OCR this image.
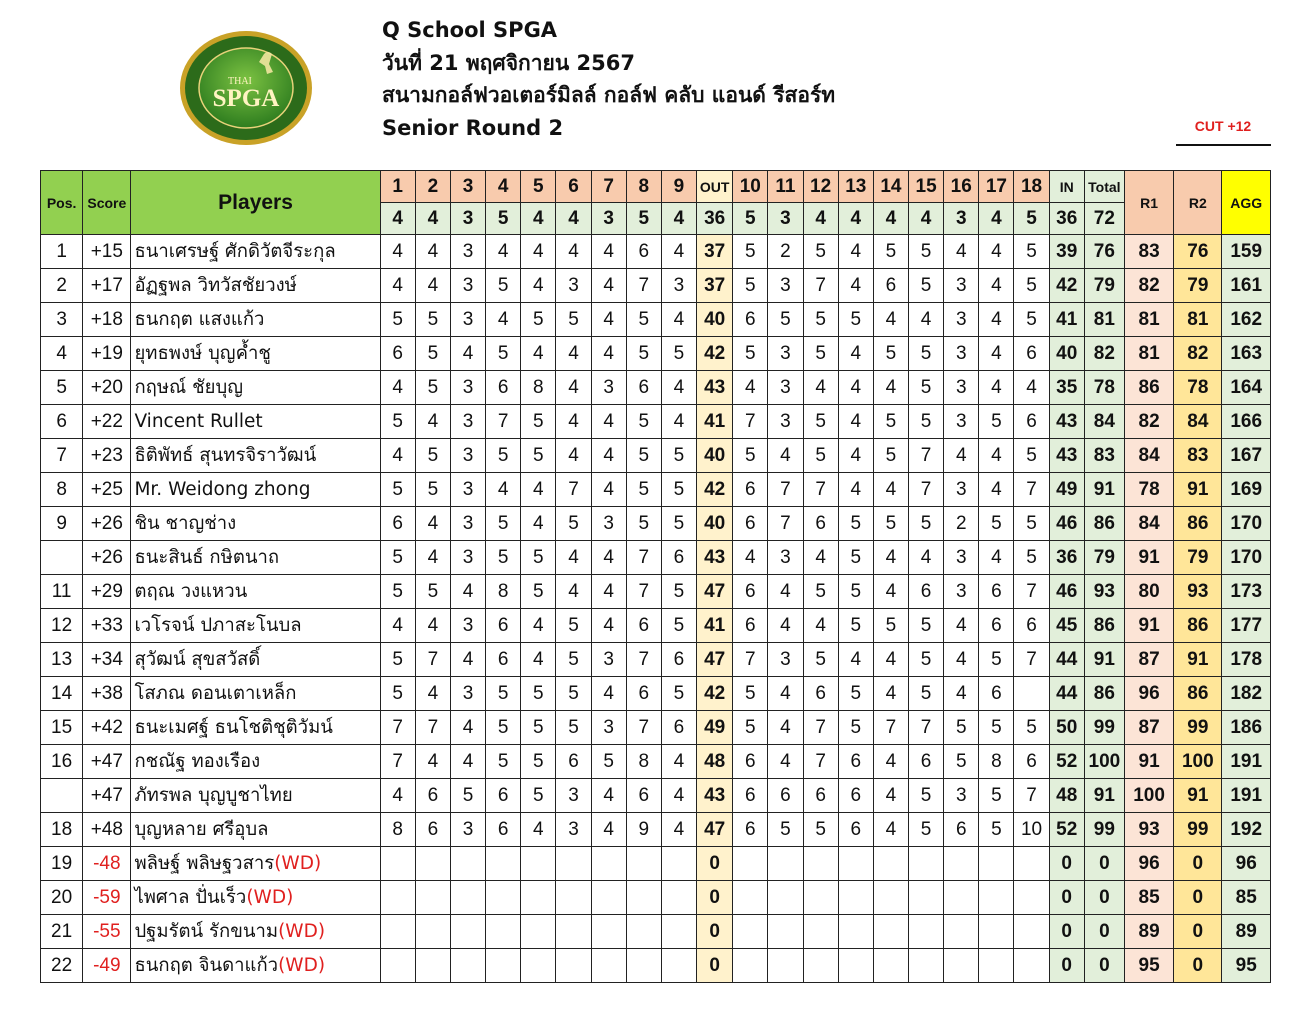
THAI
SPGA
Q School SPGA
วันที่ 21 พฤศจิกายน 2567
สนามกอล์ฟวอเตอร์มิลล์ กอล์ฟ คลับ แอนด์ รีสอร์ท
Senior Round 2	CUT +12
Pos.	Score	Players	1	2	3	4	5	6	7	8	9	OUT	10	11	12	13	14	15	16	17	18	IN	Total	R1	R2	AGG
			4	4	3	5	4	4	3	5	4	36	5	3	4	4	4	4	3	4	5	36	72			
1	+15	ธนาเศรษฐ์ ศักดิวัตจีระกุล	4	4	3	4	4	4	4	6	4	37	5	2	5	4	5	5	4	4	5	39	76	83	76	159
2	+17	อัฏฐพล วิทวัสชัยวงษ์	4	4	3	5	4	3	4	7	3	37	5	3	7	4	6	5	3	4	5	42	79	82	79	161
3	+18	ธนกฤต แสงแก้ว	5	5	3	4	5	5	4	5	4	40	6	5	5	5	4	4	3	4	5	41	81	81	81	162
4	+19	ยุทธพงษ์ บุญค้ำชู	6	5	4	5	4	4	4	5	5	42	5	3	5	4	5	5	3	4	6	40	82	81	82	163
5	+20	กฤษณ์ ชัยบุญ	4	5	3	6	8	4	3	6	4	43	4	3	4	4	4	5	3	4	4	35	78	86	78	164
6	+22	Vincent Rullet	5	4	3	7	5	4	4	5	4	41	7	3	5	4	5	5	3	5	6	43	84	82	84	166
7	+23	ธิติพัทธ์ สุนทรจิราวัฒน์	4	5	3	5	5	4	4	5	5	40	5	4	5	4	5	7	4	4	5	43	83	84	83	167
8	+25	Mr. Weidong zhong	5	5	3	4	4	7	4	5	5	42	6	7	7	4	4	7	3	4	7	49	91	78	91	169
9	+26	ชิน ชาญช่าง	6	4	3	5	4	5	3	5	5	40	6	7	6	5	5	5	2	5	5	46	86	84	86	170
	+26	ธนะสินธ์ กษิตนาถ	5	4	3	5	5	4	4	7	6	43	4	3	4	5	4	4	3	4	5	36	79	91	79	170
11	+29	ตฤณ วงแหวน	5	5	4	8	5	4	4	7	5	47	6	4	5	5	4	6	3	6	7	46	93	80	93	173
12	+33	เวโรจน์ ปภาสะโนบล	4	4	3	6	4	5	4	6	5	41	6	4	4	5	5	5	4	6	6	45	86	91	86	177
13	+34	สุวัฒน์ สุขสวัสดิ์	5	7	4	6	4	5	3	7	6	47	7	3	5	4	4	5	4	5	7	44	91	87	91	178
14	+38	โสภณ ดอนเตาเหล็ก	5	4	3	5	5	5	4	6	5	42	5	4	6	5	4	5	4	6		44	86	96	86	182
15	+42	ธนะเมศฐ์ ธนโชติชุติวัมน์	7	7	4	5	5	5	3	7	6	49	5	4	7	5	7	7	5	5	5	50	99	87	99	186
16	+47	กชณัฐ ทองเรือง	7	4	4	5	5	6	5	8	4	48	6	4	7	6	4	6	5	8	6	52	100	91	100	191
	+47	ภัทรพล บุญบูชาไทย	4	6	5	6	5	3	4	6	4	43	6	6	6	6	4	5	3	5	7	48	91	100	91	191
18	+48	บุญหลาย ศรีอุบล	8	6	3	6	4	3	4	9	4	47	6	5	5	6	4	5	6	5	10	52	99	93	99	192
19	-48	พลิษฐ์ พลิษฐวสาร(WD)										0										0	0	96	0	96
20	-59	ไพศาล ปั่นเร็ว(WD)										0										0	0	85	0	85
21	-55	ปฐมรัตน์ รักขนาม(WD)										0										0	0	89	0	89
22	-49	ธนกฤต จินดาแก้ว(WD)										0										0	0	95	0	95
